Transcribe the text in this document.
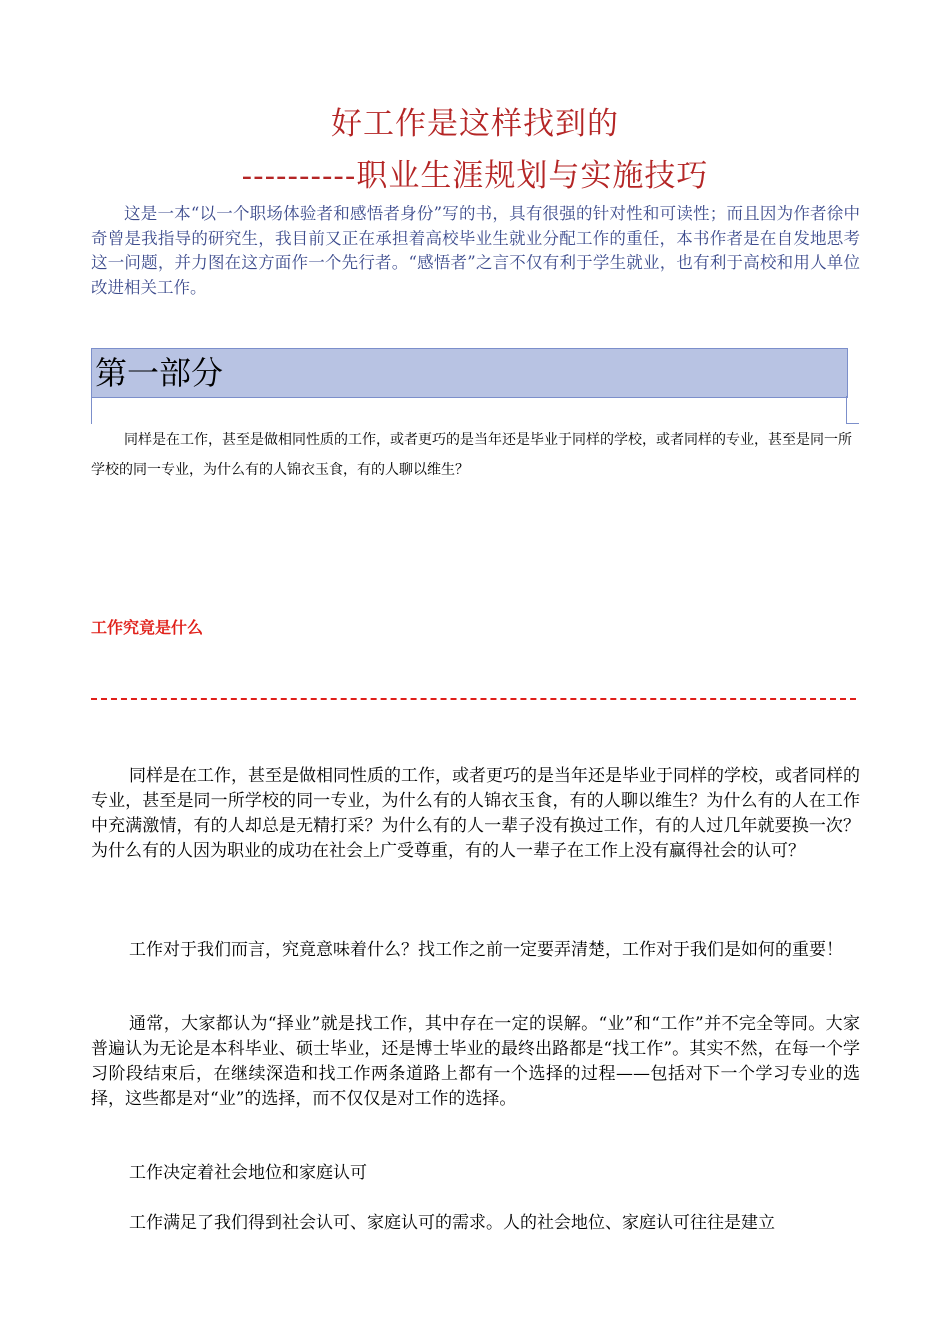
好工作是这样找到的
----------职业生涯规划与实施技巧

这是一本“以一个职场体验者和感悟者身份”写的书，具有很强的针对性和可读性；而且因为作者徐中奇曾是我指导的研究生，我目前又正在承担着高校毕业生就业分配工作的重任，本书作者是在自发地思考这一问题，并力图在这方面作一个先行者。“感悟者”之言不仅有利于学生就业，也有利于高校和用人单位改进相关工作。

第一部分

同样是在工作，甚至是做相同性质的工作，或者更巧的是当年还是毕业于同样的学校，或者同样的专业，甚至是同一所学校的同一专业，为什么有的人锦衣玉食，有的人聊以维生？

工作究竟是什么

同样是在工作，甚至是做相同性质的工作，或者更巧的是当年还是毕业于同样的学校，或者同样的专业，甚至是同一所学校的同一专业，为什么有的人锦衣玉食，有的人聊以维生？为什么有的人在工作中充满激情，有的人却总是无精打采？为什么有的人一辈子没有换过工作，有的人过几年就要换一次？为什么有的人因为职业的成功在社会上广受尊重，有的人一辈子在工作上没有赢得社会的认可？

工作对于我们而言，究竟意味着什么？找工作之前一定要弄清楚，工作对于我们是如何的重要！

通常，大家都认为“择业”就是找工作，其中存在一定的误解。“业”和“工作”并不完全等同。大家普遍认为无论是本科毕业、硕士毕业，还是博士毕业的最终出路都是“找工作”。其实不然，在每一个学习阶段结束后，在继续深造和找工作两条道路上都有一个选择的过程——包括对下一个学习专业的选择，这些都是对“业”的选择，而不仅仅是对工作的选择。

工作决定着社会地位和家庭认可

工作满足了我们得到社会认可、家庭认可的需求。人的社会地位、家庭认可往往是建立
